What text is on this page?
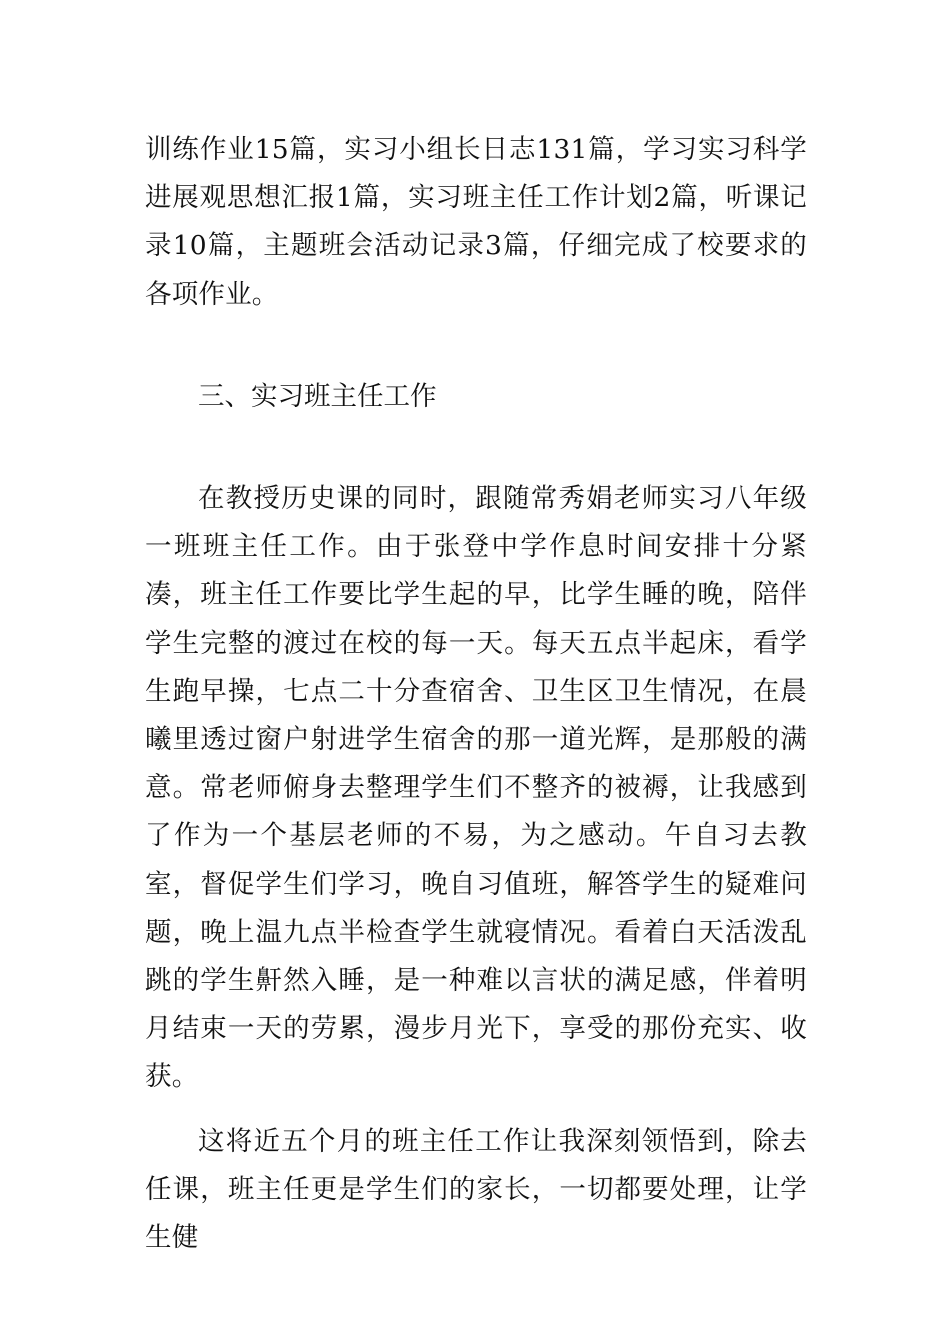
训练作业15篇，实习小组长日志131篇，学习实习科学进展观思想汇报1篇，实习班主任工作计划2篇，听课记录10篇，主题班会活动记录3篇，仔细完成了校要求的各项作业。

三、实习班主任工作

在教授历史课的同时，跟随常秀娟老师实习八年级一班班主任工作。由于张登中学作息时间安排十分紧凑，班主任工作要比学生起的早，比学生睡的晚，陪伴学生完整的渡过在校的每一天。每天五点半起床，看学生跑早操，七点二十分查宿舍、卫生区卫生情况，在晨曦里透过窗户射进学生宿舍的那一道光辉，是那般的满意。常老师俯身去整理学生们不整齐的被褥，让我感到了作为一个基层老师的不易，为之感动。午自习去教室，督促学生们学习，晚自习值班，解答学生的疑难问题，晚上温九点半检查学生就寝情况。看着白天活泼乱跳的学生鼾然入睡，是一种难以言状的满足感，伴着明月结束一天的劳累，漫步月光下，享受的那份充实、收获。

这将近五个月的班主任工作让我深刻领悟到，除去任课，班主任更是学生们的家长，一切都要处理，让学生健
